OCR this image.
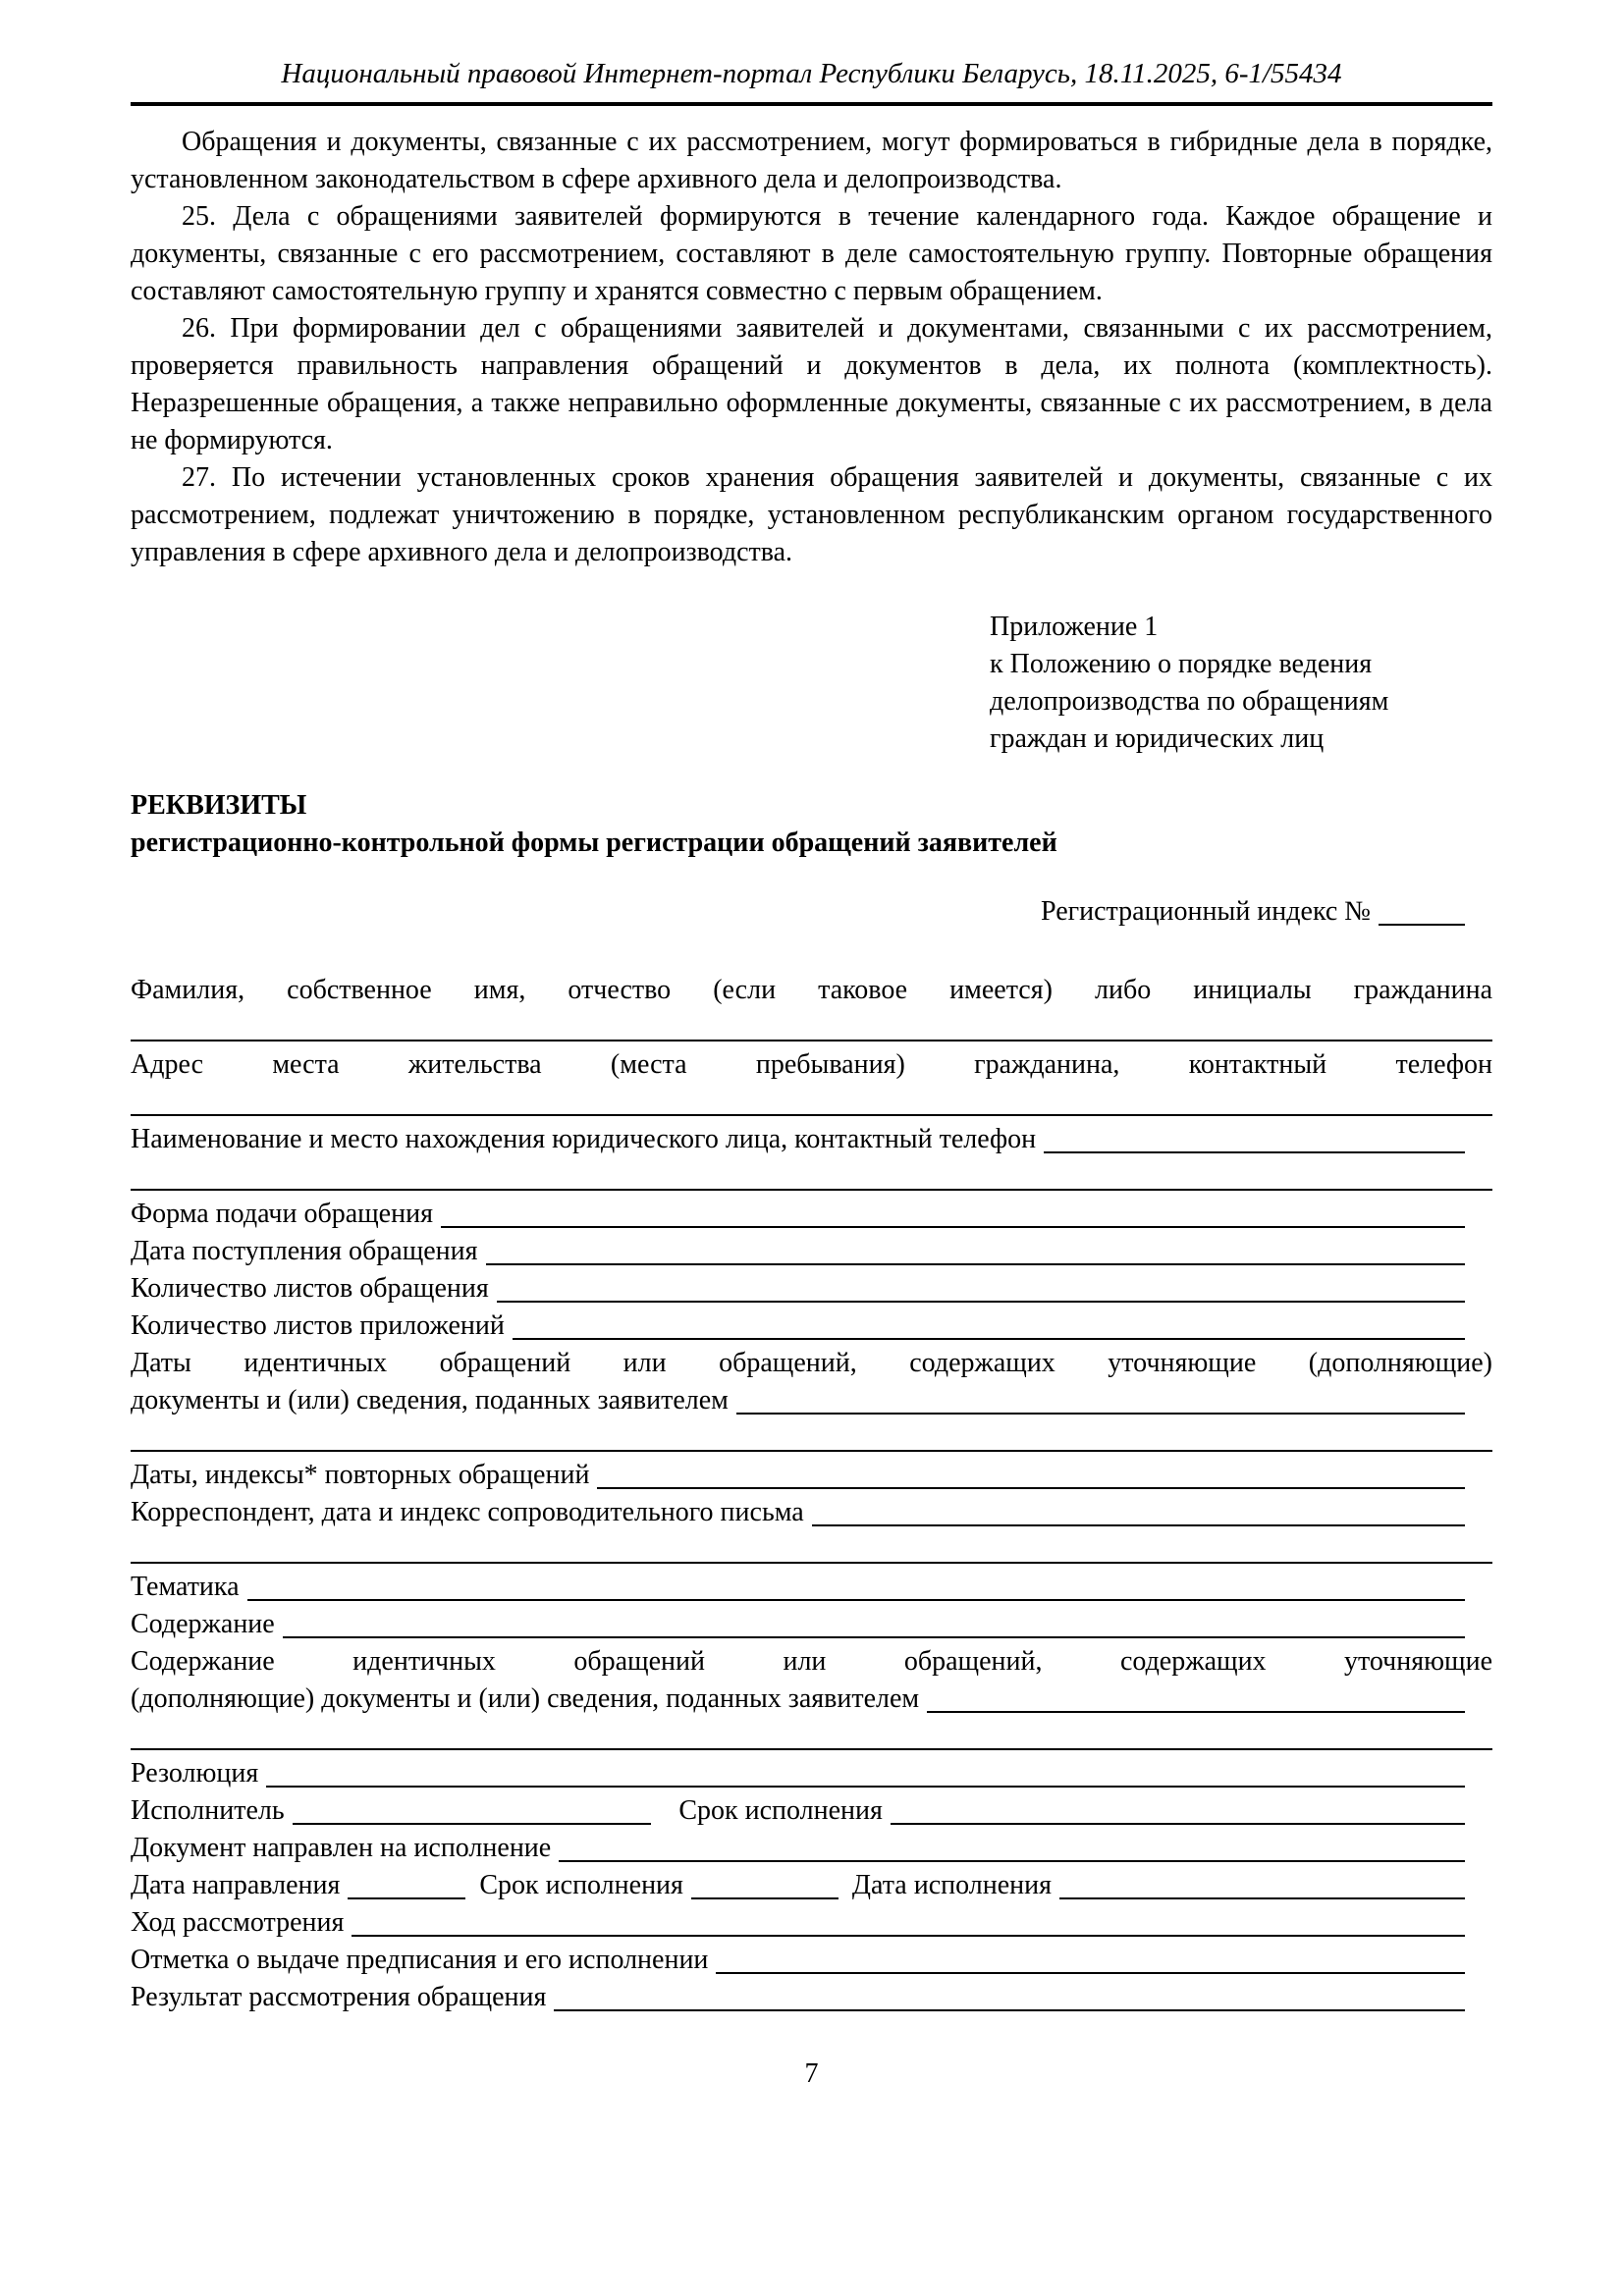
Национальный правовой Интернет-портал Республики Беларусь, 18.11.2025, 6-1/55434

Обращения и документы, связанные с их рассмотрением, могут формироваться в гибридные дела в порядке, установленном законодательством в сфере архивного дела и делопроизводства.

25. Дела с обращениями заявителей формируются в течение календарного года. Каждое обращение и документы, связанные с его рассмотрением, составляют в деле самостоятельную группу. Повторные обращения составляют самостоятельную группу и хранятся совместно с первым обращением.

26. При формировании дел с обращениями заявителей и документами, связанными с их рассмотрением, проверяется правильность направления обращений и документов в дела, их полнота (комплектность). Неразрешенные обращения, а также неправильно оформленные документы, связанные с их рассмотрением, в дела не формируются.

27. По истечении установленных сроков хранения обращения заявителей и документы, связанные с их рассмотрением, подлежат уничтожению в порядке, установленном республиканским органом государственного управления в сфере архивного дела и делопроизводства.

Приложение 1
к Положению о порядке ведения
делопроизводства по обращениям
граждан и юридических лиц
РЕКВИЗИТЫ
регистрационно-контрольной формы регистрации обращений заявителей
Регистрационный индекс №
Фамилия, собственное имя, отчество (если таковое имеется) либо инициалы гражданина
Адрес места жительства (места пребывания) гражданина, контактный телефон
Наименование и место нахождения юридического лица, контактный телефон
Форма подачи обращения
Дата поступления обращения
Количество листов обращения
Количество листов приложений
Даты идентичных обращений или обращений, содержащих уточняющие (дополняющие)
документы и (или) сведения, поданных заявителем
Даты, индексы* повторных обращений
Корреспондент, дата и индекс сопроводительного письма
Тематика
Содержание
Содержание идентичных обращений или обращений, содержащих уточняющие
(дополняющие) документы и (или) сведения, поданных заявителем
Резолюция
Исполнитель	Срок исполнения
Документ направлен на исполнение
Дата направления	Срок исполнения	Дата исполнения
Ход рассмотрения
Отметка о выдаче предписания и его исполнении
Результат рассмотрения обращения
7
